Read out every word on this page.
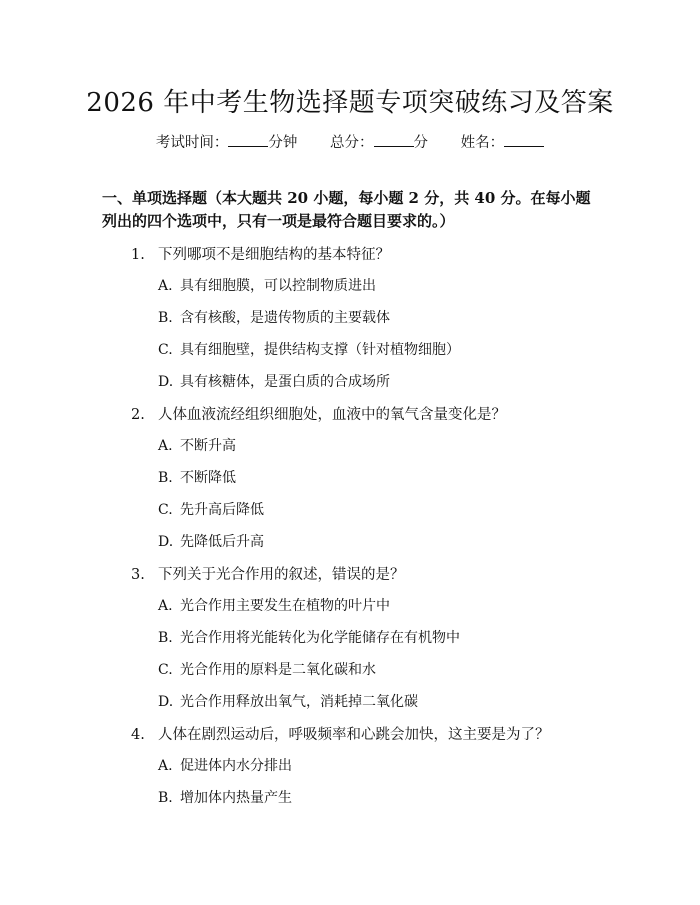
2026 年中考生物选择题专项突破练习及答案
考试时间：	分钟 总分：	分 姓名：
一、单项选择题（本大题共 20 小题，每小题 2 分，共 40 分。在每小题列出的四个选项中，只有一项是最符合题目要求的。）
1. 下列哪项不是细胞结构的基本特征？
A. 具有细胞膜，可以控制物质进出
B. 含有核酸，是遗传物质的主要载体
C. 具有细胞壁，提供结构支撑（针对植物细胞）
D. 具有核糖体，是蛋白质的合成场所
2. 人体血液流经组织细胞处，血液中的氧气含量变化是？
A. 不断升高
B. 不断降低
C. 先升高后降低
D. 先降低后升高
3. 下列关于光合作用的叙述，错误的是？
A. 光合作用主要发生在植物的叶片中
B. 光合作用将光能转化为化学能储存在有机物中
C. 光合作用的原料是二氧化碳和水
D. 光合作用释放出氧气，消耗掉二氧化碳
4. 人体在剧烈运动后，呼吸频率和心跳会加快，这主要是为了？
A. 促进体内水分排出
B. 增加体内热量产生
